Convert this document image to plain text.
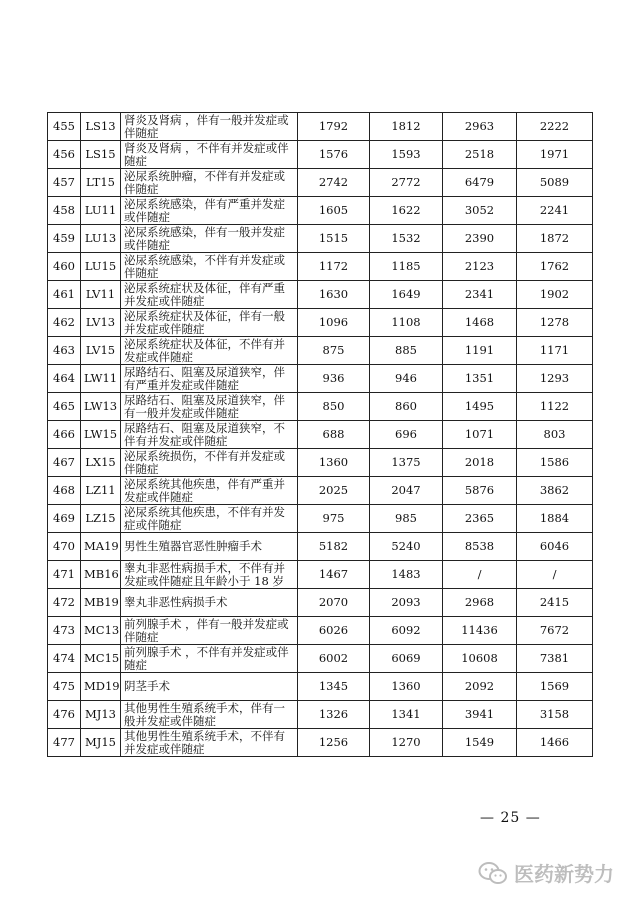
455	LS13	肾炎及肾病 ，伴有一般并发症或伴随症	1792	1812	2963	2222
456	LS15	肾炎及肾病 ，不伴有并发症或伴随症	1576	1593	2518	1971
457	LT15	泌尿系统肿瘤，不伴有并发症或伴随症	2742	2772	6479	5089
458	LU11	泌尿系统感染，伴有严重并发症或伴随症	1605	1622	3052	2241
459	LU13	泌尿系统感染，伴有一般并发症或伴随症	1515	1532	2390	1872
460	LU15	泌尿系统感染，不伴有并发症或伴随症	1172	1185	2123	1762
461	LV11	泌尿系统症状及体征，伴有严重并发症或伴随症	1630	1649	2341	1902
462	LV13	泌尿系统症状及体征，伴有一般并发症或伴随症	1096	1108	1468	1278
463	LV15	泌尿系统症状及体征，不伴有并发症或伴随症	875	885	1191	1171
464	LW11	尿路结石、阻塞及尿道狭窄，伴有严重并发症或伴随症	936	946	1351	1293
465	LW13	尿路结石、阻塞及尿道狭窄，伴有一般并发症或伴随症	850	860	1495	1122
466	LW15	尿路结石、阻塞及尿道狭窄，不伴有并发症或伴随症	688	696	1071	803
467	LX15	泌尿系统损伤，不伴有并发症或伴随症	1360	1375	2018	1586
468	LZ11	泌尿系统其他疾患，伴有严重并发症或伴随症	2025	2047	5876	3862
469	LZ15	泌尿系统其他疾患，不伴有并发症或伴随症	975	985	2365	1884
470	MA19	男性生殖器官恶性肿瘤手术	5182	5240	8538	6046
471	MB16	睾丸非恶性病损手术，不伴有并发症或伴随症且年龄小于 18 岁	1467	1483	/	/
472	MB19	睾丸非恶性病损手术	2070	2093	2968	2415
473	MC13	前列腺手术 ，伴有一般并发症或伴随症	6026	6092	11436	7672
474	MC15	前列腺手术 ，不伴有并发症或伴随症	6002	6069	10608	7381
475	MD19	阴茎手术	1345	1360	2092	1569
476	MJ13	其他男性生殖系统手术，伴有一般并发症或伴随症	1326	1341	3941	3158
477	MJ15	其他男性生殖系统手术，不伴有并发症或伴随症	1256	1270	1549	1466
— 25 —
医药新势力
